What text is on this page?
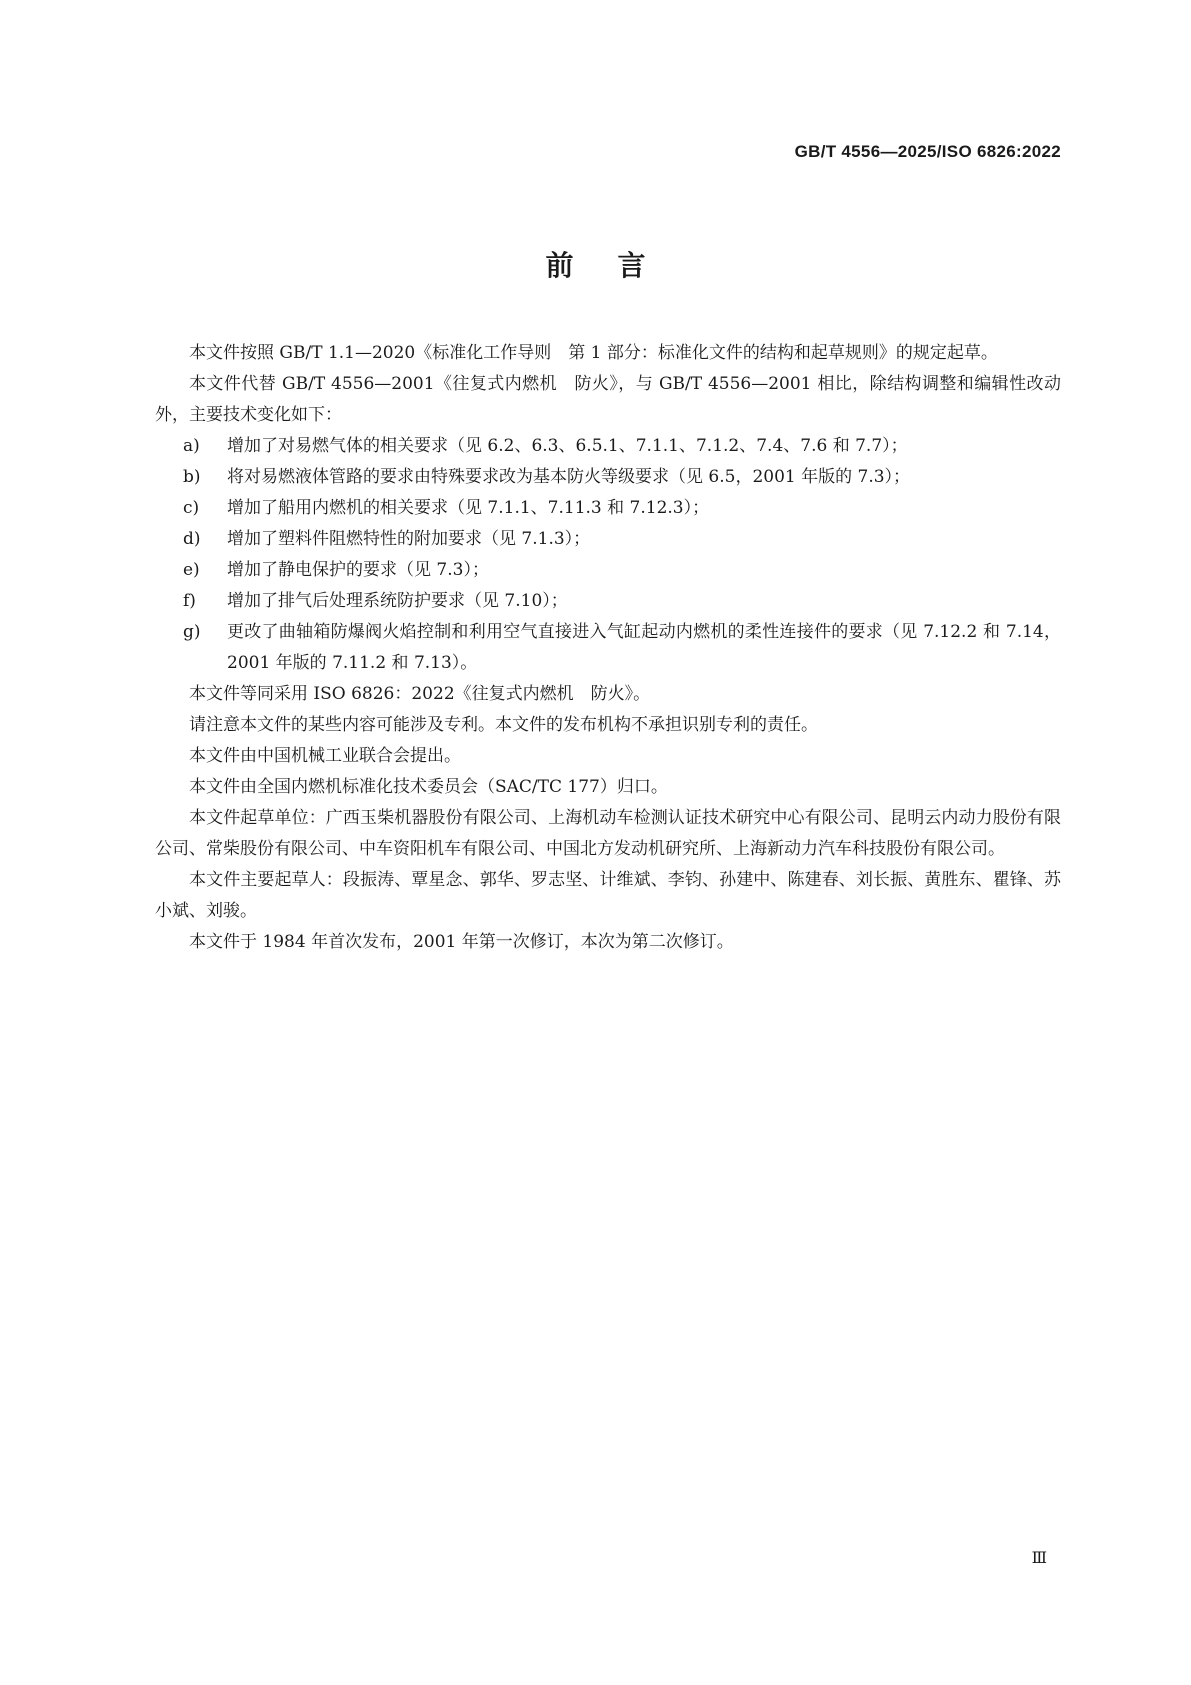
GB/T 4556—2025/ISO 6826:2022
前言

本文件按照 GB/T 1.1—2020《标准化工作导则　第 1 部分：标准化文件的结构和起草规则》的规定起草。

本文件代替 GB/T 4556—2001《往复式内燃机　防火》，与 GB/T 4556—2001 相比，除结构调整和编辑性改动外，主要技术变化如下：

a)	增加了对易燃气体的相关要求（见 6.2、6.3、6.5.1、7.1.1、7.1.2、7.4、7.6 和 7.7）；
b)	将对易燃液体管路的要求由特殊要求改为基本防火等级要求（见 6.5，2001 年版的 7.3）；
c)	增加了船用内燃机的相关要求（见 7.1.1、7.11.3 和 7.12.3）；
d)	增加了塑料件阻燃特性的附加要求（见 7.1.3）；
e)	增加了静电保护的要求（见 7.3）；
f)	增加了排气后处理系统防护要求（见 7.10）；
g)	更改了曲轴箱防爆阀火焰控制和利用空气直接进入气缸起动内燃机的柔性连接件的要求（见 7.12.2 和 7.14，2001 年版的 7.11.2 和 7.13）。

本文件等同采用 ISO 6826：2022《往复式内燃机　防火》。

请注意本文件的某些内容可能涉及专利。本文件的发布机构不承担识别专利的责任。

本文件由中国机械工业联合会提出。

本文件由全国内燃机标准化技术委员会（SAC/TC 177）归口。

本文件起草单位：广西玉柴机器股份有限公司、上海机动车检测认证技术研究中心有限公司、昆明云内动力股份有限公司、常柴股份有限公司、中车资阳机车有限公司、中国北方发动机研究所、上海新动力汽车科技股份有限公司。

本文件主要起草人：段振涛、覃星念、郭华、罗志坚、计维斌、李钧、孙建中、陈建春、刘长振、黄胜东、瞿锋、苏小斌、刘骏。

本文件于 1984 年首次发布，2001 年第一次修订，本次为第二次修订。

Ⅲ
